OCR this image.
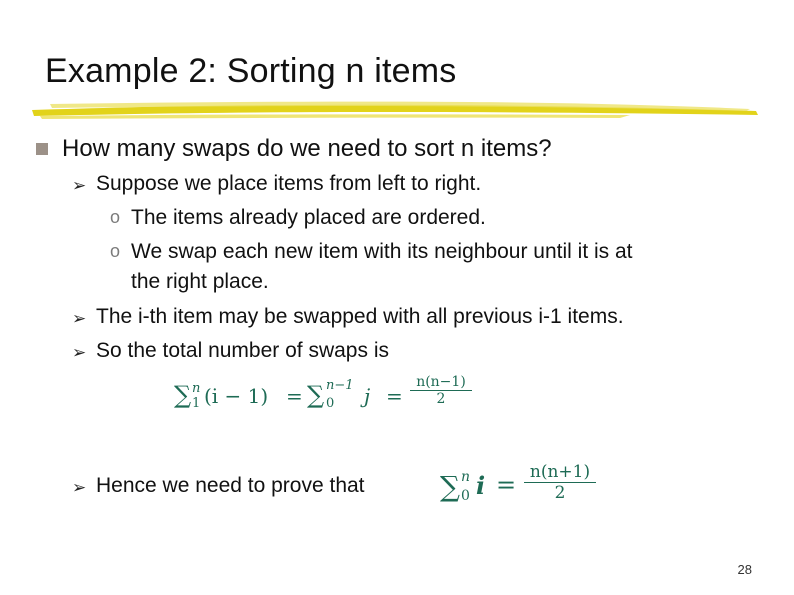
Example 2: Sorting n items
How many swaps do we need to sort n items?
➢ Suppose we place items from left to right.
o The items already placed are ordered.
o We swap each new item with its neighbour until it is at
the right place.
➢ The i-th item may be swapped with all previous i-1 items.
➢ So the total number of swaps is
∑ n
1 (i − 1) = ∑ n−1
0 j =
n(n−1)
2
➢ Hence we need to prove that	∑ n
0 i = n(n+1)
2
28
